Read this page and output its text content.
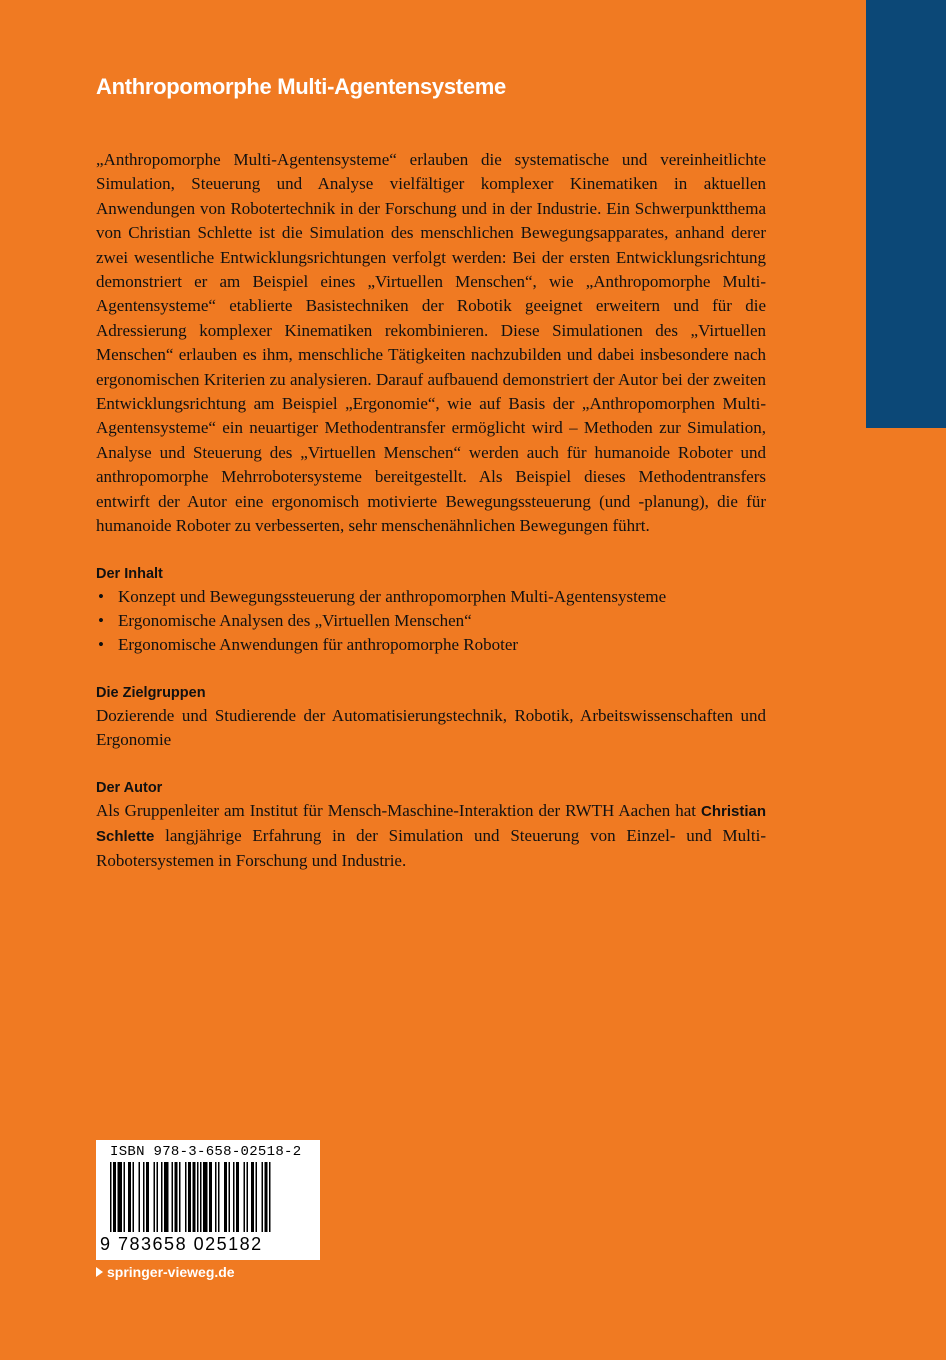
Anthropomorphe Multi-Agentensysteme

„Anthropomorphe Multi-Agentensysteme“ erlauben die systematische und vereinheitlichte Simulation, Steuerung und Analyse vielfältiger komplexer Kinematiken in aktuellen Anwendungen von Robotertechnik in der Forschung und in der Industrie. Ein Schwerpunktthema von Christian Schlette ist die Simulation des menschlichen Bewegungsapparates, anhand derer zwei wesentliche Entwicklungsrichtungen verfolgt werden: Bei der ersten Entwicklungsrichtung demonstriert er am Beispiel eines „Virtuellen Menschen“, wie „Anthropomorphe Multi-Agentensysteme“ etablierte Basistechniken der Robotik geeignet erweitern und für die Adressierung komplexer Kinematiken rekombinieren. Diese Simulationen des „Virtuellen Menschen“ erlauben es ihm, menschliche Tätigkeiten nachzubilden und dabei insbesondere nach ergonomischen Kriterien zu analysieren. Darauf aufbauend demonstriert der Autor bei der zweiten Entwicklungsrichtung am Beispiel „Ergonomie“, wie auf Basis der „Anthropomorphen Multi-Agentensysteme“ ein neuartiger Methodentransfer ermöglicht wird – Methoden zur Simulation, Analyse und Steuerung des „Virtuellen Menschen“ werden auch für humanoide Roboter und anthropomorphe Mehrrobotersysteme bereitgestellt. Als Beispiel dieses Methodentransfers entwirft der Autor eine ergonomisch motivierte Bewegungssteuerung (und -planung), die für humanoide Roboter zu verbesserten, sehr menschenähnlichen Bewegungen führt.

Der Inhalt
• Konzept und Bewegungssteuerung der anthropomorphen Multi-Agentensysteme
• Ergonomische Analysen des „Virtuellen Menschen“
• Ergonomische Anwendungen für anthropomorphe Roboter
Die Zielgruppen

Dozierende und Studierende der Automatisierungstechnik, Robotik, Arbeitswissenschaften und Ergonomie

Der Autor

Als Gruppenleiter am Institut für Mensch-Maschine-Interaktion der RWTH Aachen hat Christian Schlette langjährige Erfahrung in der Simulation und Steuerung von Einzel- und Multi-Robotersystemen in Forschung und Industrie.

ISBN 978-3-658-02518-2
9 783658 025182
springer-vieweg.de
